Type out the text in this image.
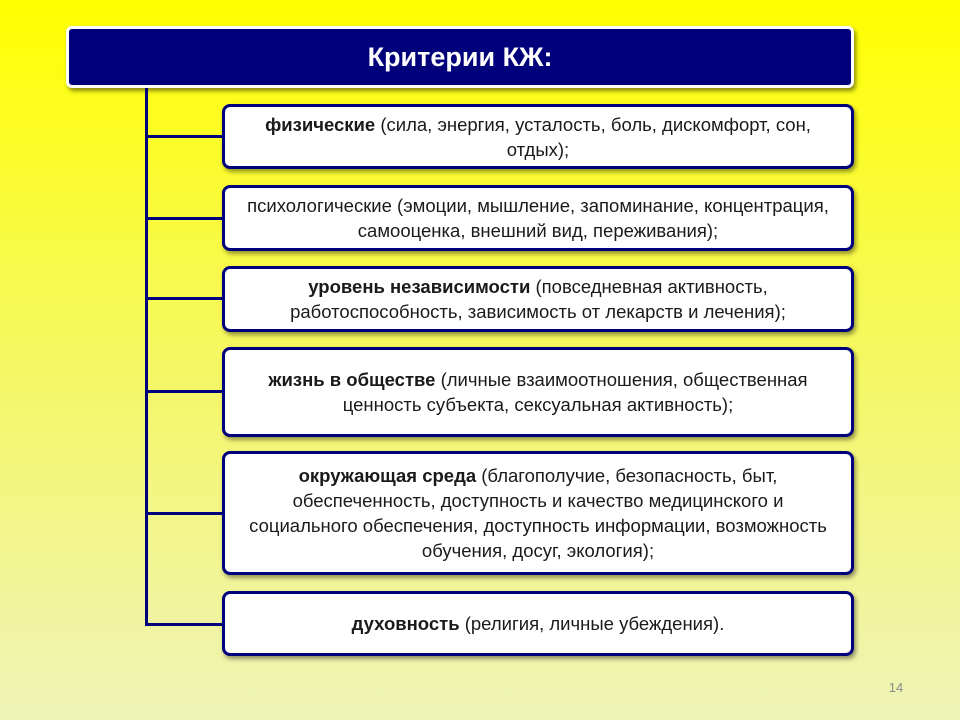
Критерии КЖ:
физические (сила, энергия, усталость, боль, дискомфорт, сон, отдых);
психологические (эмоции, мышление, запоминание, концентрация, самооценка, внешний вид, переживания);
уровень независимости (повседневная активность, работоспособность, зависимость от лекарств и лечения);
жизнь в обществе (личные взаимоотношения, общественная ценность субъекта, сексуальная активность);
окружающая среда (благополучие, безопасность, быт, обеспеченность, доступность и качество медицинского и социального обеспечения, доступность информации, возможность обучения, досуг, экология);
духовность (религия, личные убеждения).
14
